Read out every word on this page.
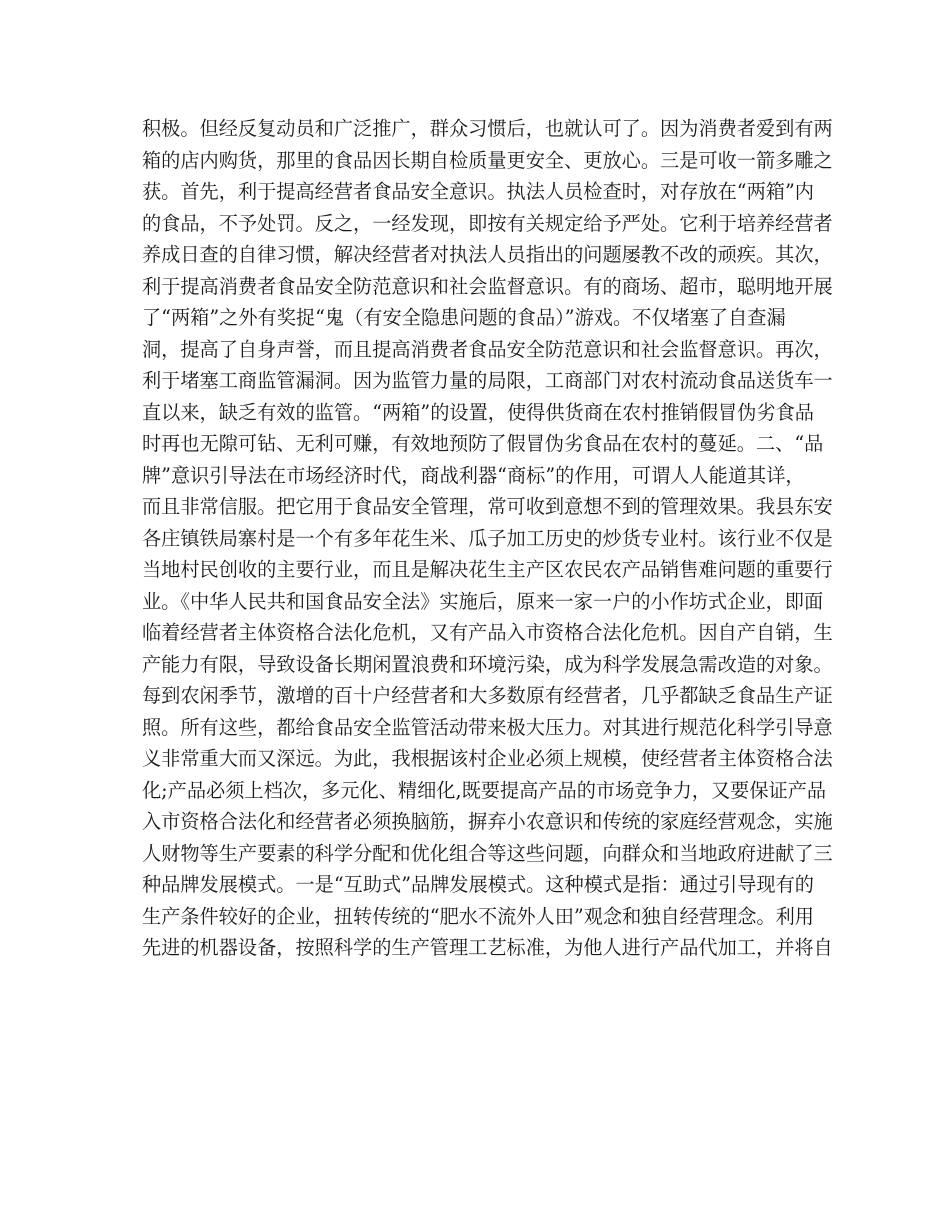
积极。但经反复动员和广泛推广，群众习惯后，也就认可了。因为消费者爱到有两
箱的店内购货，那里的食品因长期自检质量更安全、更放心。三是可收一箭多雕之
获。首先，利于提高经营者食品安全意识。执法人员检查时，对存放在“两箱”内
的食品，不予处罚。反之，一经发现，即按有关规定给予严处。它利于培养经营者
养成日查的自律习惯，解决经营者对执法人员指出的问题屡教不改的顽疾。其次，
利于提高消费者食品安全防范意识和社会监督意识。有的商场、超市，聪明地开展
了“两箱”之外有奖捉“鬼（有安全隐患问题的食品）”游戏。不仅堵塞了自查漏
洞，提高了自身声誉，而且提高消费者食品安全防范意识和社会监督意识。再次，
利于堵塞工商监管漏洞。因为监管力量的局限，工商部门对农村流动食品送货车一
直以来，缺乏有效的监管。“两箱”的设置，使得供货商在农村推销假冒伪劣食品
时再也无隙可钻、无利可赚，有效地预防了假冒伪劣食品在农村的蔓延。二、“品
牌”意识引导法在市场经济时代，商战利器“商标”的作用，可谓人人能道其详，
而且非常信服。把它用于食品安全管理，常可收到意想不到的管理效果。我县东安
各庄镇铁局寨村是一个有多年花生米、瓜子加工历史的炒货专业村。该行业不仅是
当地村民创收的主要行业，而且是解决花生主产区农民农产品销售难问题的重要行
业。《中华人民共和国食品安全法》实施后，原来一家一户的小作坊式企业，即面
临着经营者主体资格合法化危机，又有产品入市资格合法化危机。因自产自销，生
产能力有限，导致设备长期闲置浪费和环境污染，成为科学发展急需改造的对象。
每到农闲季节，激增的百十户经营者和大多数原有经营者，几乎都缺乏食品生产证
照。所有这些，都给食品安全监管活动带来极大压力。对其进行规范化科学引导意
义非常重大而又深远。为此，我根据该村企业必须上规模，使经营者主体资格合法
化;产品必须上档次，多元化、精细化,既要提高产品的市场竞争力，又要保证产品
入市资格合法化和经营者必须换脑筋，摒弃小农意识和传统的家庭经营观念，实施
人财物等生产要素的科学分配和优化组合等这些问题，向群众和当地政府进献了三
种品牌发展模式。一是“互助式”品牌发展模式。这种模式是指：通过引导现有的
生产条件较好的企业，扭转传统的“肥水不流外人田”观念和独自经营理念。利用
先进的机器设备，按照科学的生产管理工艺标准，为他人进行产品代加工，并将自
